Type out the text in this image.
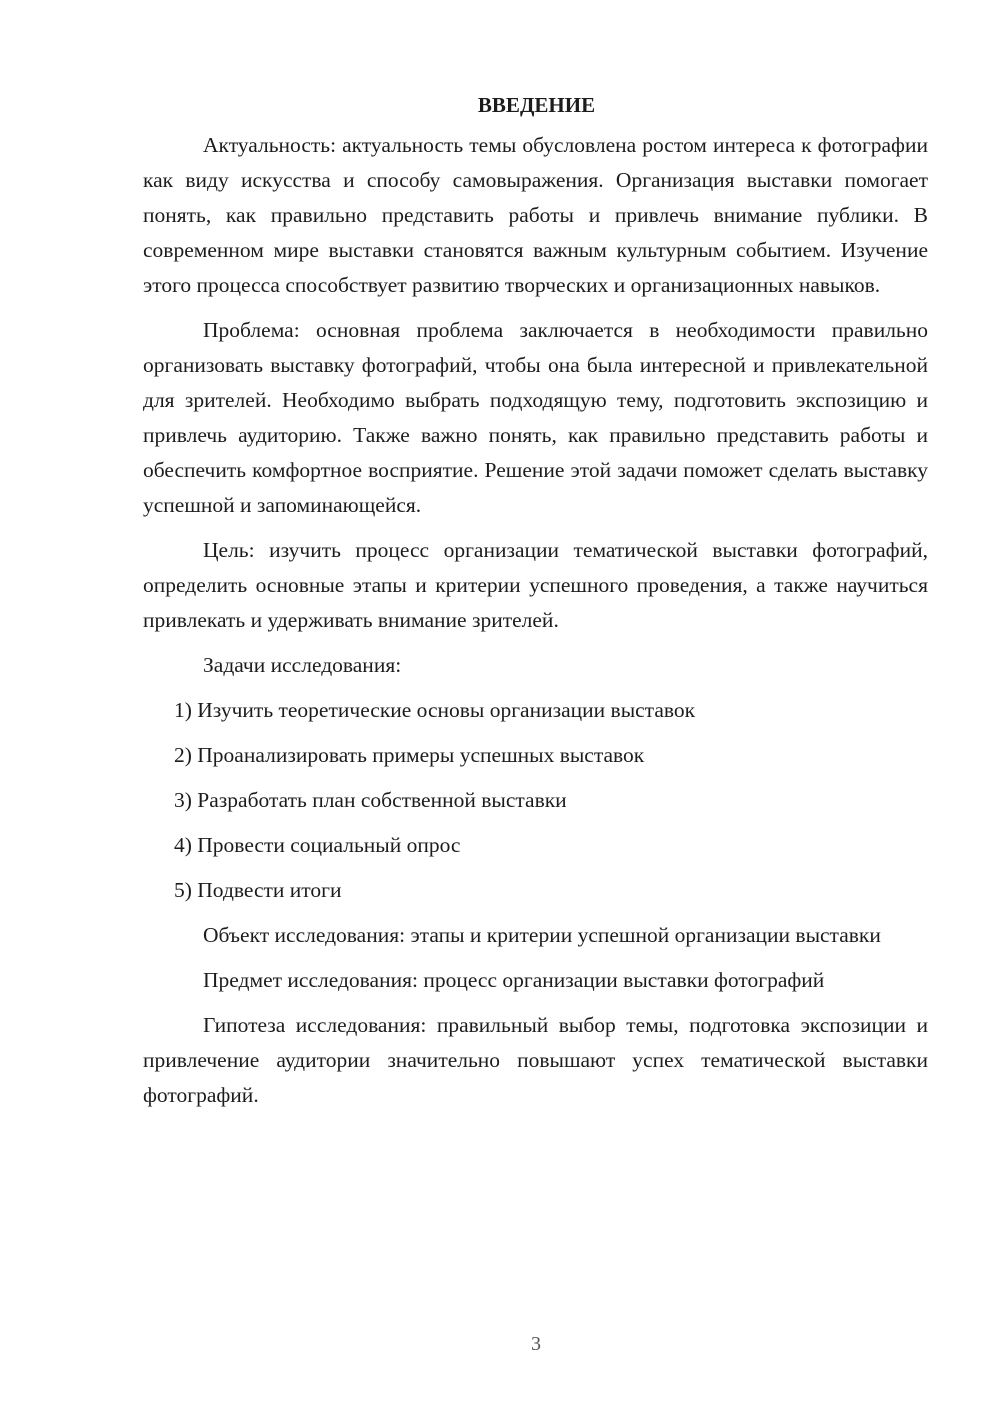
ВВЕДЕНИЕ
Актуальность: актуальность темы обусловлена ростом интереса к фотографии как виду искусства и способу самовыражения. Организация выставки помогает понять, как правильно представить работы и привлечь внимание публики. В современном мире выставки становятся важным культурным событием. Изучение этого процесса способствует развитию творческих и организационных навыков.
Проблема: основная проблема заключается в необходимости правильно организовать выставку фотографий, чтобы она была интересной и привлекательной для зрителей. Необходимо выбрать подходящую тему, подготовить экспозицию и привлечь аудиторию. Также важно понять, как правильно представить работы и обеспечить комфортное восприятие. Решение этой задачи поможет сделать выставку успешной и запоминающейся.
Цель: изучить процесс организации тематической выставки фотографий, определить основные этапы и критерии успешного проведения, а также научиться привлекать и удерживать внимание зрителей.
Задачи исследования:
1) Изучить теоретические основы организации выставок
2) Проанализировать примеры успешных выставок
3) Разработать план собственной выставки
4) Провести социальный опрос
5) Подвести итоги
Объект исследования: этапы и критерии успешной организации выставки
Предмет исследования: процесс организации выставки фотографий
Гипотеза исследования: правильный выбор темы, подготовка экспозиции и привлечение аудитории значительно повышают успех тематической выставки фотографий.
3
